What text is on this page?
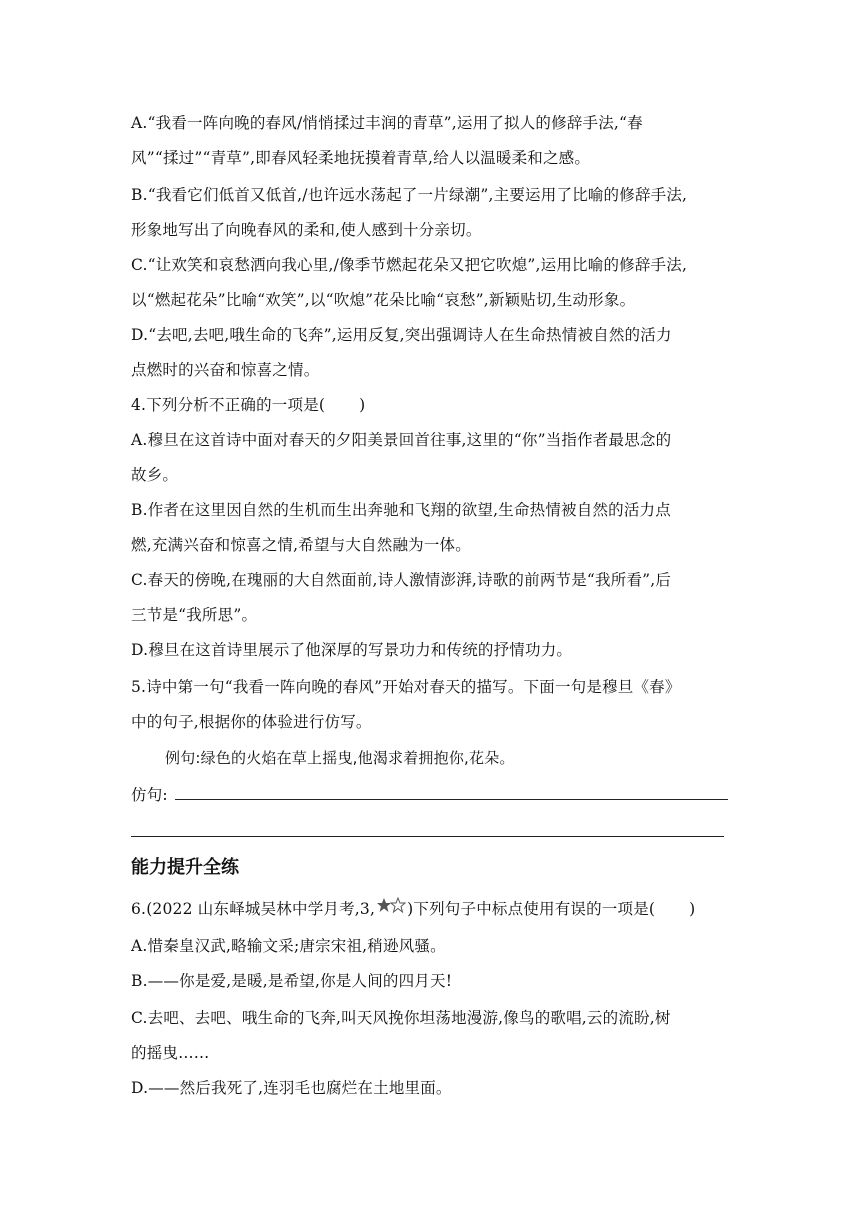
A.“我看一阵向晚的春风/悄悄揉过丰润的青草”,运用了拟人的修辞手法,“春
风”“揉过”“青草”,即春风轻柔地抚摸着青草,给人以温暖柔和之感。
B.“我看它们低首又低首,/也许远水荡起了一片绿潮”,主要运用了比喻的修辞手法,
形象地写出了向晚春风的柔和,使人感到十分亲切。
C.“让欢笑和哀愁洒向我心里,/像季节燃起花朵又把它吹熄”,运用比喻的修辞手法,
以“燃起花朵”比喻“欢笑”,以“吹熄”花朵比喻“哀愁”,新颖贴切,生动形象。
D.“去吧,去吧,哦生命的飞奔”,运用反复,突出强调诗人在生命热情被自然的活力
点燃时的兴奋和惊喜之情。
4.下列分析不正确的一项是( )
A.穆旦在这首诗中面对春天的夕阳美景回首往事,这里的“你”当指作者最思念的
故乡。
B.作者在这里因自然的生机而生出奔驰和飞翔的欲望,生命热情被自然的活力点
燃,充满兴奋和惊喜之情,希望与大自然融为一体。
C.春天的傍晚,在瑰丽的大自然面前,诗人激情澎湃,诗歌的前两节是“我所看”,后
三节是“我所思”。
D.穆旦在这首诗里展示了他深厚的写景功力和传统的抒情功力。
5.诗中第一句“我看一阵向晚的春风”开始对春天的描写。下面一句是穆旦《春》
中的句子,根据你的体验进行仿写。
例句:绿色的火焰在草上摇曳,他渴求着拥抱你,花朵。
仿句:
能力提升全练
6.(2022 山东峄城吴林中学月考,3, )下列句子中标点使用有误的一项是( )
A.惜秦皇汉武,略输文采;唐宗宋祖,稍逊风骚。
B.——你是爱,是暖,是希望,你是人间的四月天!
C.去吧、去吧、哦生命的飞奔,叫天风挽你坦荡地漫游,像鸟的歌唱,云的流盼,树
的摇曳……
D.——然后我死了,连羽毛也腐烂在土地里面。
